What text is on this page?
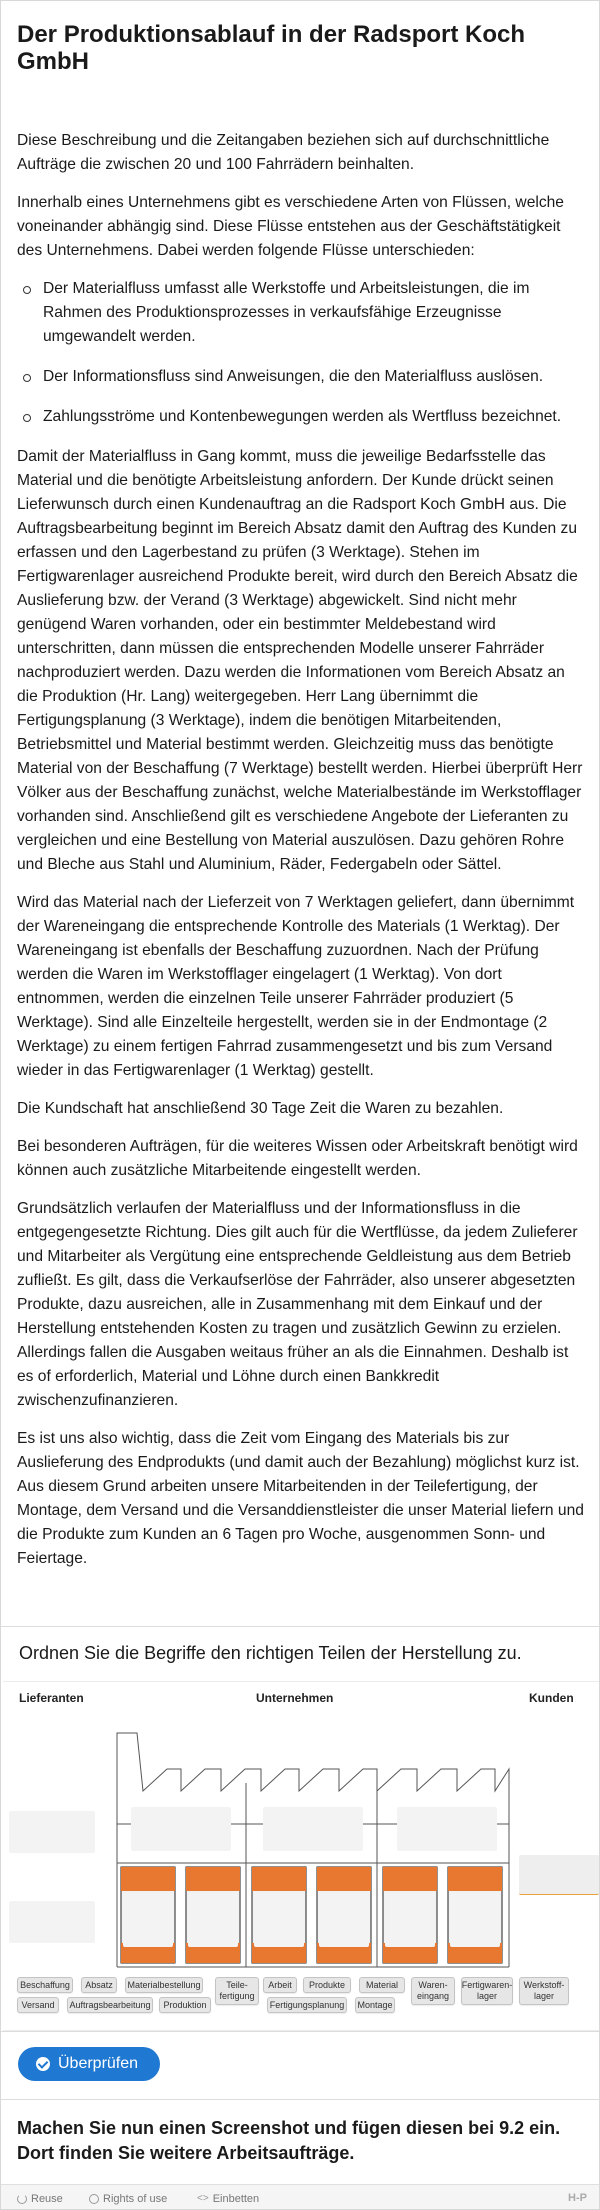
Der Produktionsablauf in der Radsport Koch GmbH

Diese Beschreibung und die Zeitangaben beziehen sich auf durchschnittliche Aufträge die zwischen 20 und 100 Fahrrädern beinhalten.

Innerhalb eines Unternehmens gibt es verschiedene Arten von Flüssen, welche voneinander abhängig sind. Diese Flüsse entstehen aus der Geschäftstätigkeit des Unternehmens. Dabei werden folgende Flüsse unterschieden:

Der Materialfluss umfasst alle Werkstoffe und Arbeitsleistungen, die im Rahmen des Produktionsprozesses in verkaufsfähige Erzeugnisse umgewandelt werden.
Der Informationsfluss sind Anweisungen, die den Materialfluss auslösen.
Zahlungsströme und Kontenbewegungen werden als Wertfluss bezeichnet.

Damit der Materialfluss in Gang kommt, muss die jeweilige Bedarfsstelle das Material und die benötigte Arbeitsleistung anfordern. Der Kunde drückt seinen Lieferwunsch durch einen Kundenauftrag an die Radsport Koch GmbH aus. Die Auftragsbearbeitung beginnt im Bereich Absatz damit den Auftrag des Kunden zu erfassen und den Lagerbestand zu prüfen (3 Werktage). Stehen im Fertigwarenlager ausreichend Produkte bereit, wird durch den Bereich Absatz die Auslieferung bzw. der Verand (3 Werktage) abgewickelt. Sind nicht mehr genügend Waren vorhanden, oder ein bestimmter Meldebestand wird unterschritten, dann müssen die entsprechenden Modelle unserer Fahrräder nachproduziert werden. Dazu werden die Informationen vom Bereich Absatz an die Produktion (Hr. Lang) weitergegeben. Herr Lang übernimmt die Fertigungsplanung (3 Werktage), indem die benötigen Mitarbeitenden, Betriebsmittel und Material bestimmt werden. Gleichzeitig muss das benötigte Material von der Beschaffung (7 Werktage) bestellt werden. Hierbei überprüft Herr Völker aus der Beschaffung zunächst, welche Materialbestände im Werkstofflager vorhanden sind. Anschließend gilt es verschiedene Angebote der Lieferanten zu vergleichen und eine Bestellung von Material auszulösen. Dazu gehören Rohre und Bleche aus Stahl und Aluminium, Räder, Federgabeln oder Sättel.

Wird das Material nach der Lieferzeit von 7 Werktagen geliefert, dann übernimmt der Wareneingang die entsprechende Kontrolle des Materials (1 Werktag). Der Wareneingang ist ebenfalls der Beschaffung zuzuordnen. Nach der Prüfung werden die Waren im Werkstofflager eingelagert (1 Werktag). Von dort entnommen, werden die einzelnen Teile unserer Fahrräder produziert (5 Werktage). Sind alle Einzelteile hergestellt, werden sie in der Endmontage (2 Werktage) zu einem fertigen Fahrrad zusammengesetzt und bis zum Versand wieder in das Fertigwarenlager (1 Werktag) gestellt.

Die Kundschaft hat anschließend 30 Tage Zeit die Waren zu bezahlen.

Bei besonderen Aufträgen, für die weiteres Wissen oder Arbeitskraft benötigt wird können auch zusätzliche Mitarbeitende eingestellt werden.

Grundsätzlich verlaufen der Materialfluss und der Informationsfluss in die entgegengesetzte Richtung. Dies gilt auch für die Wertflüsse, da jedem Zulieferer und Mitarbeiter als Vergütung eine entsprechende Geldleistung aus dem Betrieb zufließt. Es gilt, dass die Verkaufserlöse der Fahrräder, also unserer abgesetzten Produkte, dazu ausreichen, alle in Zusammenhang mit dem Einkauf und der Herstellung entstehenden Kosten zu tragen und zusätzlich Gewinn zu erzielen. Allerdings fallen die Ausgaben weitaus früher an als die Einnahmen. Deshalb ist es of erforderlich, Material und Löhne durch einen Bankkredit zwischenzufinanzieren.

Es ist uns also wichtig, dass die Zeit vom Eingang des Materials bis zur Auslieferung des Endprodukts (und damit auch der Bezahlung) möglichst kurz ist. Aus diesem Grund arbeiten unsere Mitarbeitenden in der Teilefertigung, der Montage, dem Versand und die Versanddienstleister die unser Material liefern und die Produkte zum Kunden an 6 Tagen pro Woche, ausgenommen Sonn- und Feiertage.

Ordnen Sie die Begriffe den richtigen Teilen der Herstellung zu.
Lieferanten	Unternehmen	Kunden
Beschaffung	Absatz	Materialbestellung
Versand	Auftragsbearbeitung	Produktion
Teile-fertigung
Arbeit	Produkte
Fertigungsplanung
Material
Montage
Waren-eingang
Fertigwaren-lager
Werkstoff-lager
Überprüfen
Machen Sie nun einen Screenshot und fügen diesen bei 9.2 ein. Dort finden Sie weitere Arbeitsaufträge.
Reuse	Rights of use	<> Einbetten	H-P
